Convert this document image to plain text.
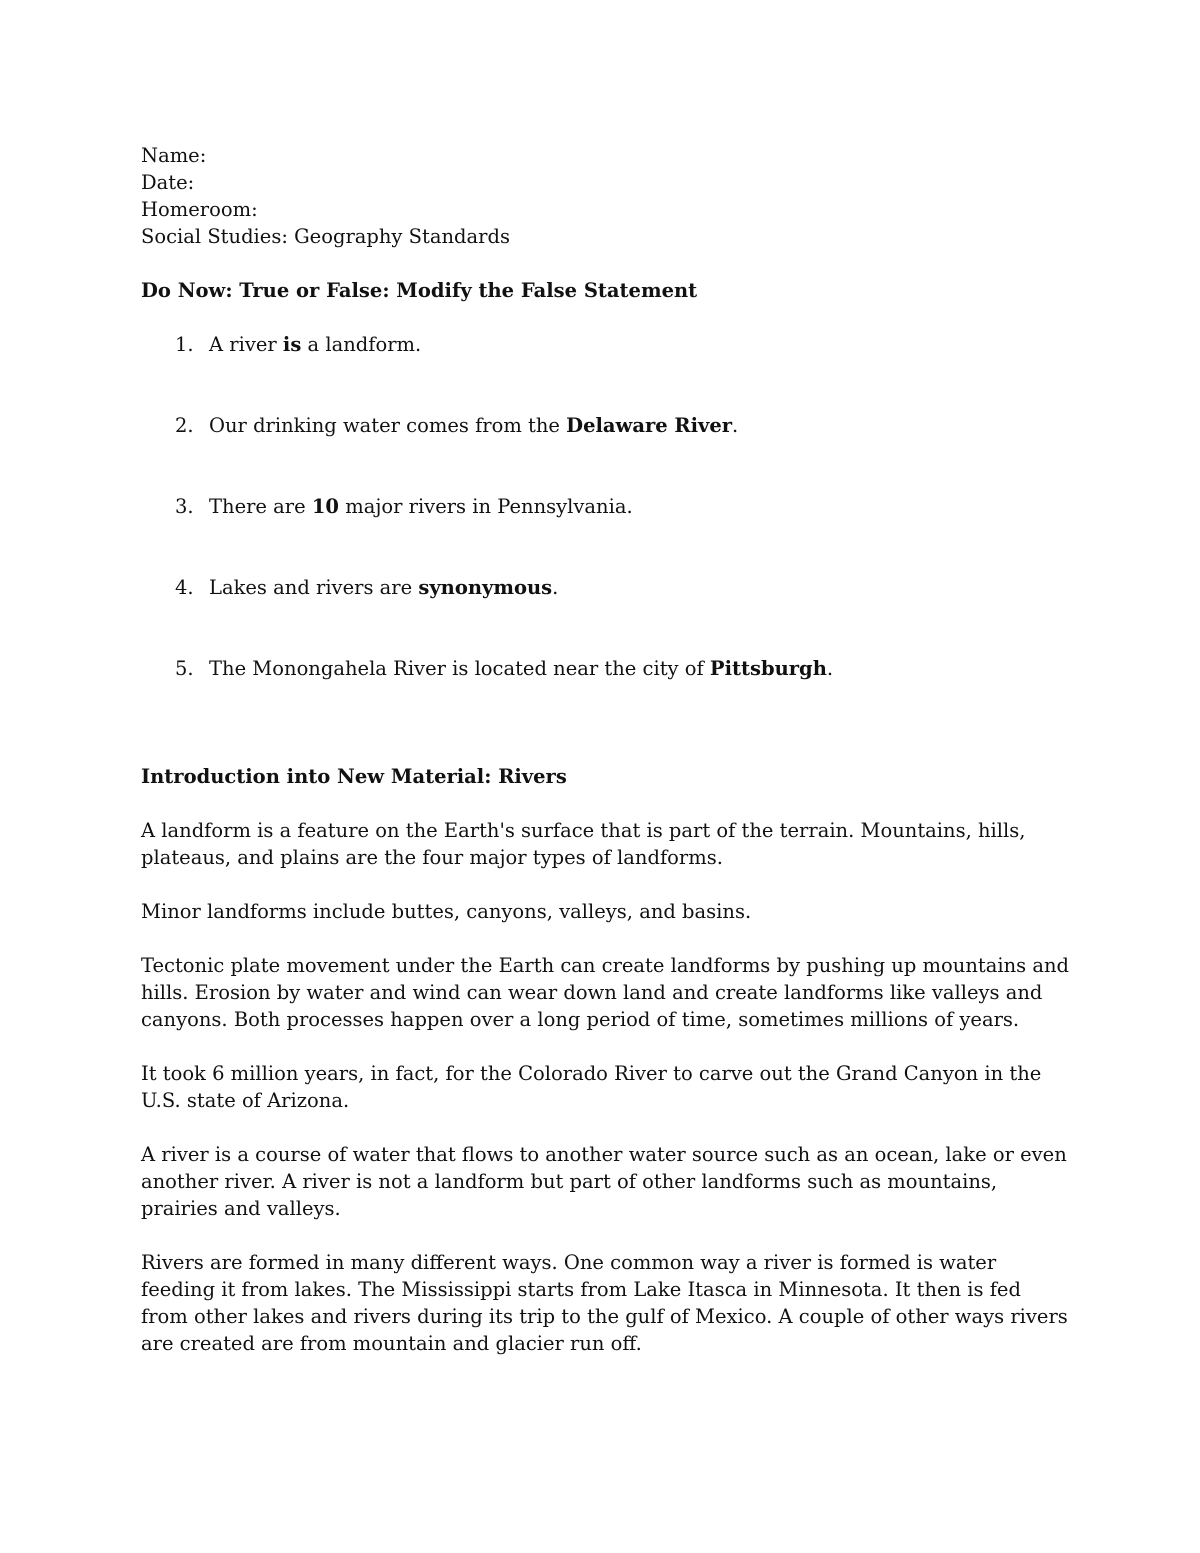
Name:
Date:
Homeroom:
Social Studies: Geography Standards
Do Now: True or False: Modify the False Statement
1. A river is a landform.
2. Our drinking water comes from the Delaware River.
3. There are 10 major rivers in Pennsylvania.
4. Lakes and rivers are synonymous.
5. The Monongahela River is located near the city of Pittsburgh.
Introduction into New Material: Rivers

A landform is a feature on the Earth's surface that is part of the terrain. Mountains, hills, plateaus, and plains are the four major types of landforms.

Minor landforms include buttes, canyons, valleys, and basins.

Tectonic plate movement under the Earth can create landforms by pushing up mountains and hills. Erosion by water and wind can wear down land and create landforms like valleys and canyons. Both processes happen over a long period of time, sometimes millions of years.

It took 6 million years, in fact, for the Colorado River to carve out the Grand Canyon in the U.S. state of Arizona.

A river is a course of water that flows to another water source such as an ocean, lake or even another river. A river is not a landform but part of other landforms such as mountains, prairies and valleys.

Rivers are formed in many different ways. One common way a river is formed is water feeding it from lakes. The Mississippi starts from Lake Itasca in Minnesota. It then is fed from other lakes and rivers during its trip to the gulf of Mexico. A couple of other ways rivers are created are from mountain and glacier run off.
